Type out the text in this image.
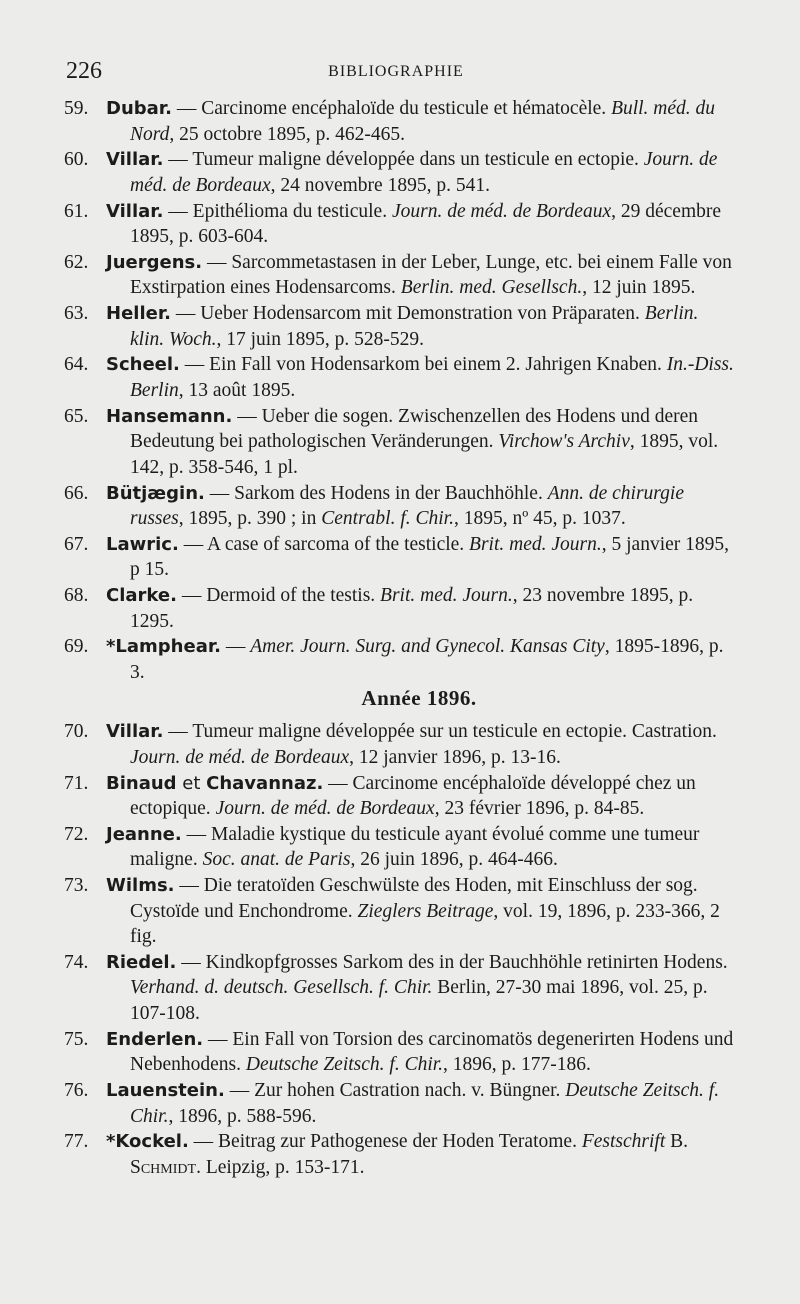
226	BIBLIOGRAPHIE
59. Dubar. — Carcinome encéphaloïde du testicule et hématocèle. Bull. méd. du Nord, 25 octobre 1895, p. 462-465.
60. Villar. — Tumeur maligne développée dans un testicule en ectopie. Journ. de méd. de Bordeaux, 24 novembre 1895, p. 541.
61. Villar. — Epithélioma du testicule. Journ. de méd. de Bordeaux, 29 décembre 1895, p. 603-604.
62. Juergens. — Sarcommetastasen in der Leber, Lunge, etc. bei einem Falle von Exstirpation eines Hodensarcoms. Berlin. med. Gesellsch., 12 juin 1895.
63. Heller. — Ueber Hodensarcom mit Demonstration von Präparaten. Berlin. klin. Woch., 17 juin 1895, p. 528-529.
64. Scheel. — Ein Fall von Hodensarkom bei einem 2. Jahrigen Knaben. In.-Diss. Berlin, 13 août 1895.
65. Hansemann. — Ueber die sogen. Zwischenzellen des Hodens und deren Bedeutung bei pathologischen Veränderungen. Virchow's Archiv, 1895, vol. 142, p. 358-546, 1 pl.
66. Bütjægin. — Sarkom des Hodens in der Bauchhöhle. Ann. de chirurgie russes, 1895, p. 390 ; in Centrabl. f. Chir., 1895, nº 45, p. 1037.
67. Lawric. — A case of sarcoma of the testicle. Brit. med. Journ., 5 janvier 1895, p 15.
68. Clarke. — Dermoid of the testis. Brit. med. Journ., 23 novembre 1895, p. 1295.
69. *Lamphear. — Amer. Journ. Surg. and Gynecol. Kansas City, 1895-1896, p. 3.
Année 1896.
70. Villar. — Tumeur maligne développée sur un testicule en ectopie. Castration. Journ. de méd. de Bordeaux, 12 janvier 1896, p. 13-16.
71. Binaud et Chavannaz. — Carcinome encéphaloïde développé chez un ectopique. Journ. de méd. de Bordeaux, 23 février 1896, p. 84-85.
72. Jeanne. — Maladie kystique du testicule ayant évolué comme une tumeur maligne. Soc. anat. de Paris, 26 juin 1896, p. 464-466.
73. Wilms. — Die teratoïden Geschwülste des Hoden, mit Einschluss der sog. Cystoïde und Enchondrome. Zieglers Beitrage, vol. 19, 1896, p. 233-366, 2 fig.
74. Riedel. — Kindkopfgrosses Sarkom des in der Bauchhöhle retinirten Hodens. Verhand. d. deutsch. Gesellsch. f. Chir. Berlin, 27-30 mai 1896, vol. 25, p. 107-108.
75. Enderlen. — Ein Fall von Torsion des carcinomatös degenerirten Hodens und Nebenhodens. Deutsche Zeitsch. f. Chir., 1896, p. 177-186.
76. Lauenstein. — Zur hohen Castration nach. v. Büngner. Deutsche Zeitsch. f. Chir., 1896, p. 588-596.
77. *Kockel. — Beitrag zur Pathogenese der Hoden Teratome. Festschrift B. Schmidt. Leipzig, p. 153-171.
